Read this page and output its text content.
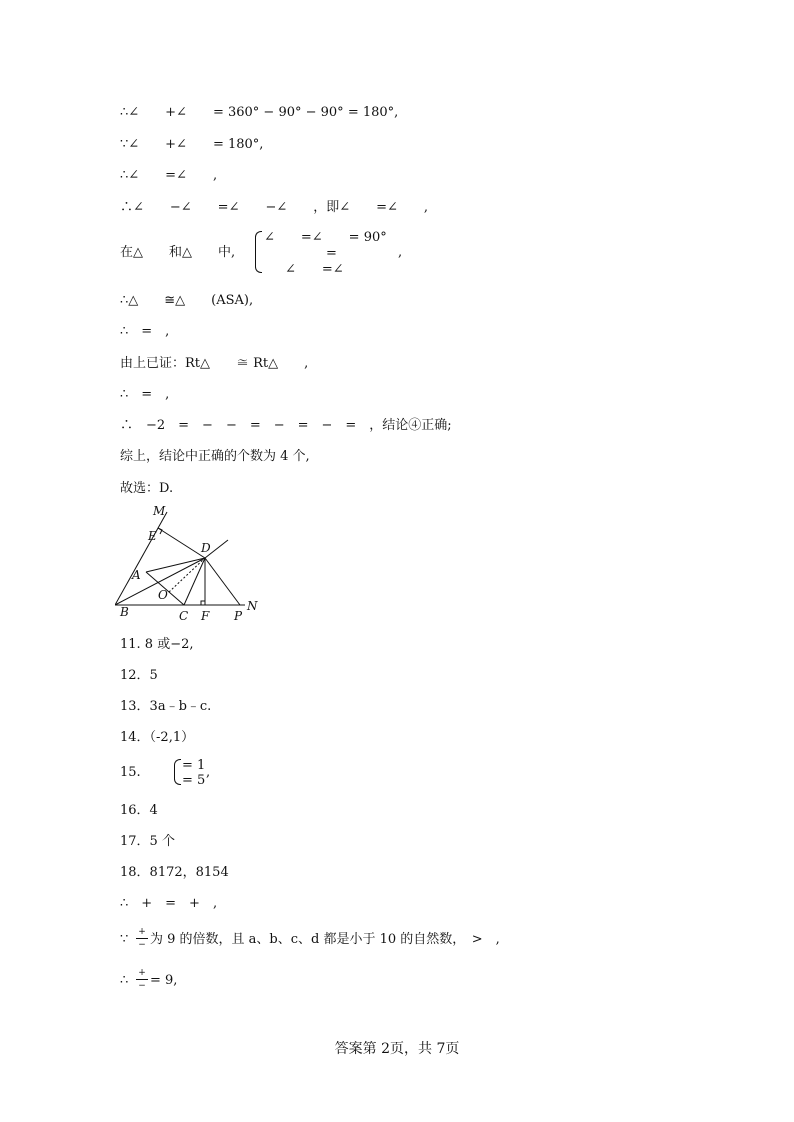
∴∠　　+∠　　= 360° − 90° − 90° = 180°,
∵∠　　+∠　　= 180°,
∴∠　　=∠　　,
∴∠　　−∠　　=∠　　−∠　　，即∠　　=∠　　,
在△　　和△　　中,
∠　　=∠　　= 90°
=
∠　　=∠
,
∴△　　≅△　　(ASA),
∴　=　,
由上已证：Rt△　　≅ Rt△　　,
∴　=　,
∴　−2　=　−　−　=　−　=　−　=　，结论④正确;
综上，结论中正确的个数为 4 个,
故选：D.
M
E
D
A
O
B	C F P
N
11. 8 或−2,
12．5
13．3a﹣b﹣c.
14．（-2,1）
15.	= 1
= 5
,
16．4
17．5 个
18．8172，8154
∴　+　=　+　,
∵ +
− 为 9 的倍数，且 a、b、c、d 都是小于 10 的自然数，　>　,
∴ +
− = 9,
答案第 2页，共 7页
